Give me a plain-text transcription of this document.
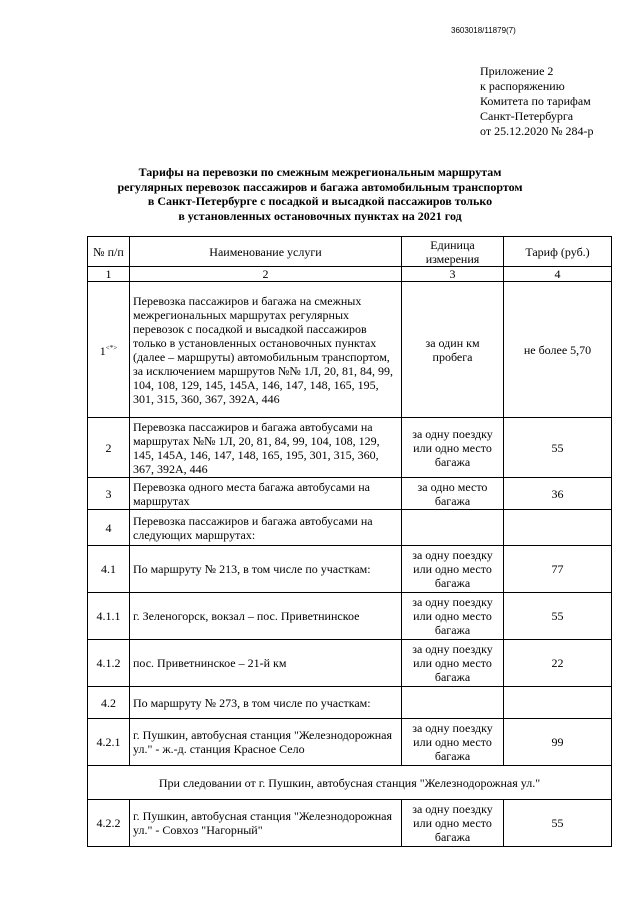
3603018/11879(7)
Приложение 2
к распоряжению
Комитета по тарифам
Санкт-Петербурга
от 25.12.2020 № 284-р
Тарифы на перевозки по смежным межрегиональным маршрутам
регулярных перевозок пассажиров и багажа автомобильным транспортом
в Санкт-Петербурге с посадкой и высадкой пассажиров только
в установленных остановочных пунктах на 2021 год
№ п/п	Наименование услуги	Единица измерения	Тариф (руб.)
1	2	3	4
1<*>	Перевозка пассажиров и багажа на смежных межрегиональных маршрутах регулярных перевозок с посадкой и высадкой пассажиров только в установленных остановочных пунктах (далее – маршруты) автомобильным транспортом, за исключением маршрутов №№ 1Л, 20, 81, 84, 99, 104, 108, 129, 145, 145А, 146, 147, 148, 165, 195, 301, 315, 360, 367, 392А, 446	за один км пробега	не более 5,70
2	Перевозка пассажиров и багажа автобусами на маршрутах №№ 1Л, 20, 81, 84, 99, 104, 108, 129, 145, 145А, 146, 147, 148, 165, 195, 301, 315, 360, 367, 392А, 446	за одну поездку или одно место багажа	55
3	Перевозка одного места багажа автобусами на маршрутах	за одно место багажа	36
4	Перевозка пассажиров и багажа автобусами на следующих маршрутах:		
4.1	По маршруту № 213, в том числе по участкам:	за одну поездку или одно место багажа	77
4.1.1	г. Зеленогорск, вокзал – пос. Приветнинское	за одну поездку или одно место багажа	55
4.1.2	пос. Приветнинское – 21-й км	за одну поездку или одно место багажа	22
4.2	По маршруту № 273, в том числе по участкам:		
4.2.1	г. Пушкин, автобусная станция "Железнодорожная ул." - ж.-д. станция Красное Село	за одну поездку или одно место багажа	99
При следовании от г. Пушкин, автобусная станция "Железнодорожная ул."			
4.2.2	г. Пушкин, автобусная станция "Железнодорожная ул." - Совхоз "Нагорный"	за одну поездку или одно место багажа	55
